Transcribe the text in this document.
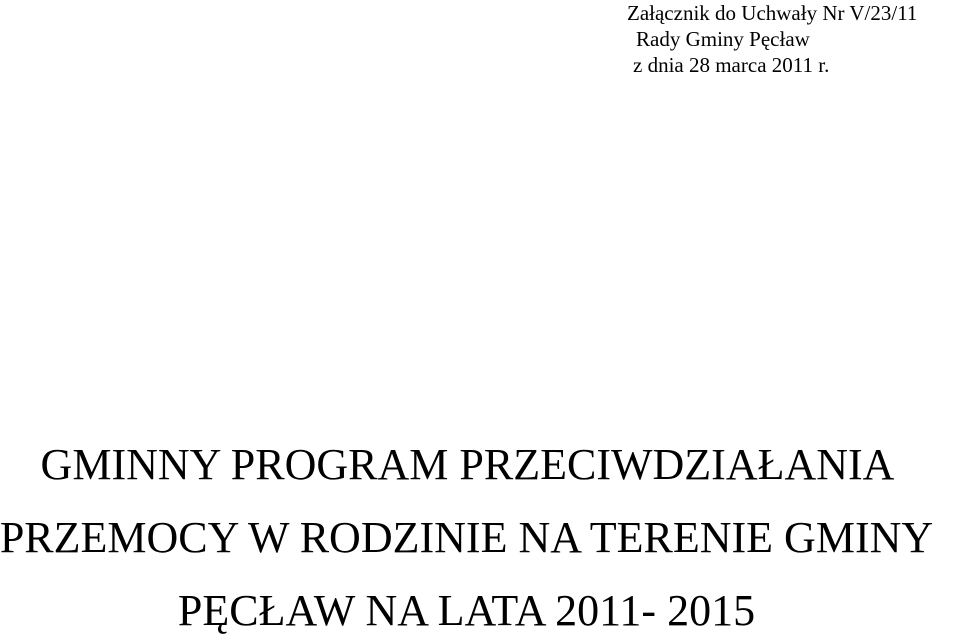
Załącznik do Uchwały Nr V/23/11
Rady Gminy Pęcław
z dnia 28 marca 2011 r.
GMINNY PROGRAM PRZECIWDZIAŁANIA
PRZEMOCY W RODZINIE NA TERENIE GMINY
PĘCŁAW NA LATA 2011- 2015
